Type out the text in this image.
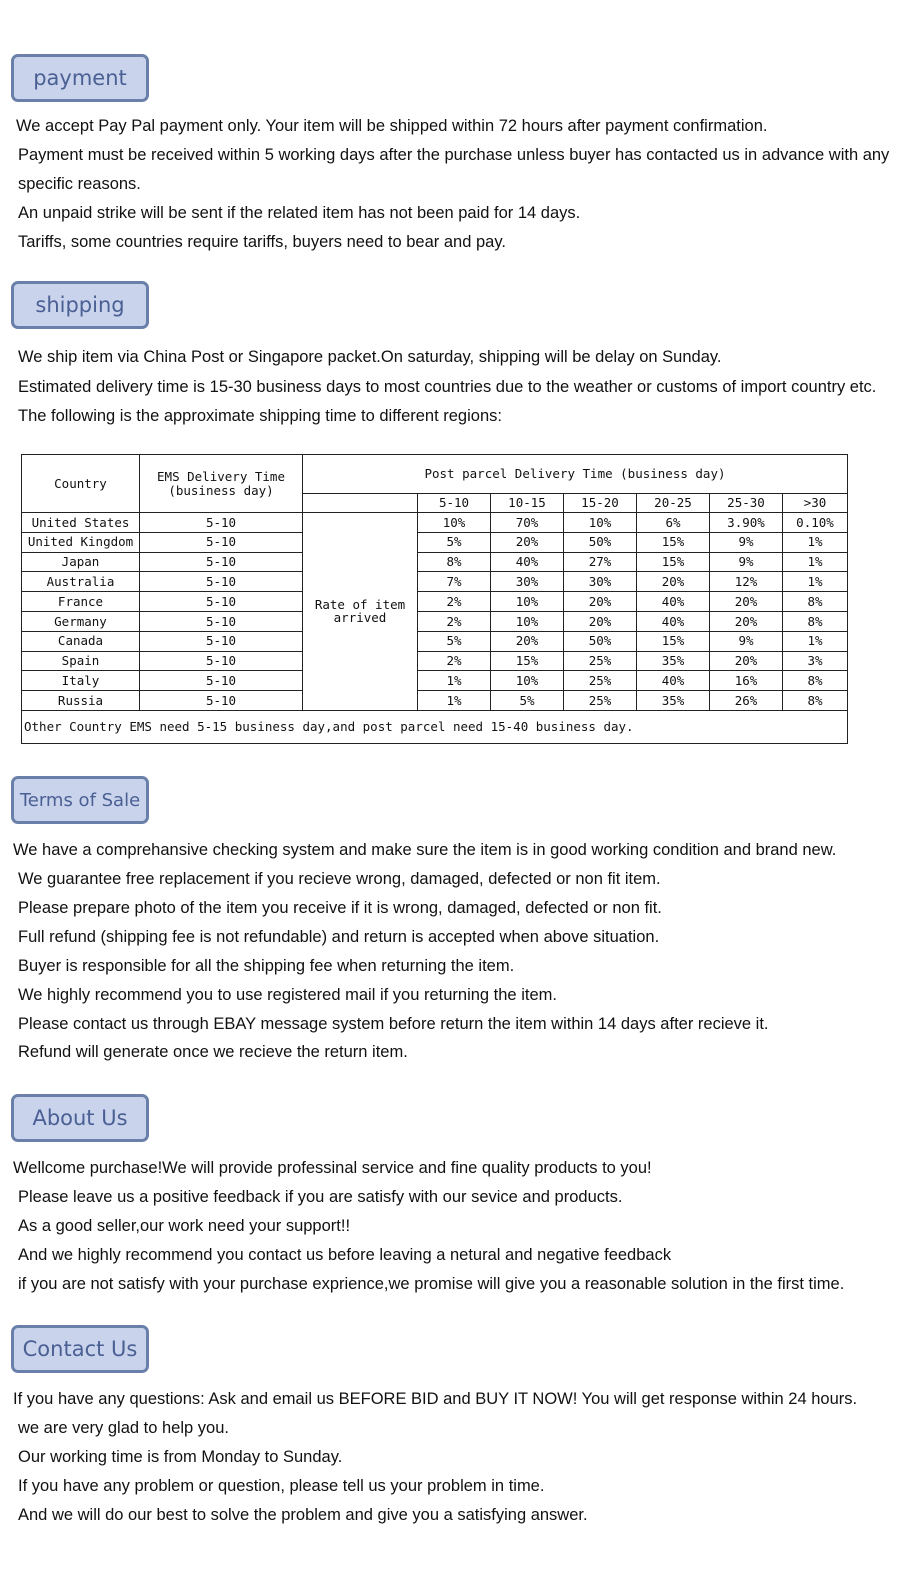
payment
We accept Pay Pal payment only. Your item will be shipped within 72 hours after payment confirmation.
Payment must be received within 5 working days after the purchase unless buyer has contacted us in advance with any
specific reasons.
An unpaid strike will be sent if the related item has not been paid for 14 days.
Tariffs, some countries require tariffs, buyers need to bear and pay.
shipping
We ship item via China Post or Singapore packet.On saturday, shipping will be delay on Sunday.
Estimated delivery time is 15-30 business days to most countries due to the weather or customs of import country etc.
The following is the approximate shipping time to different regions:
Country	EMS Delivery Time (business day)	Post parcel Delivery Time (business day)						
			5-10	10-15	15-20	20-25	25-30	>30
United States	5-10	Rate of item arrived	10%	70%	10%	6%	3.90%	0.10%
United Kingdom	5-10		5%	20%	50%	15%	9%	1%
Japan	5-10		8%	40%	27%	15%	9%	1%
Australia	5-10		7%	30%	30%	20%	12%	1%
France	5-10		2%	10%	20%	40%	20%	8%
Germany	5-10		2%	10%	20%	40%	20%	8%
Canada	5-10		5%	20%	50%	15%	9%	1%
Spain	5-10		2%	15%	25%	35%	20%	3%
Italy	5-10		1%	10%	25%	40%	16%	8%
Russia	5-10		1%	5%	25%	35%	26%	8%
Other Country EMS need 5-15 business day,and post parcel need 15-40 business day.								
Terms of Sale
We have a comprehansive checking system and make sure the item is in good working condition and brand new.
We guarantee free replacement if you recieve wrong, damaged, defected or non fit item.
Please prepare photo of the item you receive if it is wrong, damaged, defected or non fit.
Full refund (shipping fee is not refundable) and return is accepted when above situation.
Buyer is responsible for all the shipping fee when returning the item.
We highly recommend you to use registered mail if you returning the item.
Please contact us through EBAY message system before return the item within 14 days after recieve it.
Refund will generate once we recieve the return item.
About Us
Wellcome purchase!We will provide professinal service and fine quality products to you!
Please leave us a positive feedback if you are satisfy with our sevice and products.
As a good seller,our work need your support!!
And we highly recommend you contact us before leaving a netural and negative feedback
if you are not satisfy with your purchase exprience,we promise will give you a reasonable solution in the first time.
Contact Us
If you have any questions: Ask and email us BEFORE BID and BUY IT NOW! You will get response within 24 hours.
we are very glad to help you.
Our working time is from Monday to Sunday.
If you have any problem or question, please tell us your problem in time.
And we will do our best to solve the problem and give you a satisfying answer.
